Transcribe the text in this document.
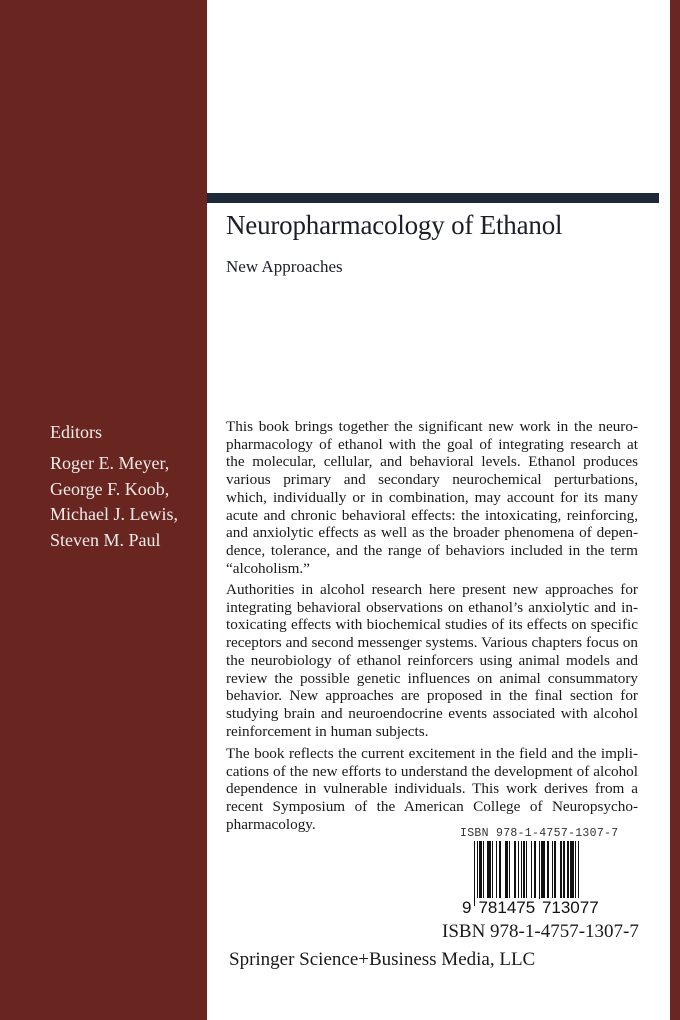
Neuropharmacology of Ethanol
New Approaches
Editors
Roger E. Meyer,
George F. Koob,
Michael J. Lewis,
Steven M. Paul
This book brings together the significant new work in the neuropharmacology of ethanol with the goal of integrating research at the molecular, cellular, and behavioral levels. Ethanol produces various primary and secondary neurochemical perturbations, which, individually or in combination, may account for its many acute and chronic behavioral effects: the intoxicating, reinforcing, and anxiolytic effects as well as the broader phenomena of dependence, tolerance, and the range of behaviors included in the term “alcoholism.”
Authorities in alcohol research here present new approaches for integrating behavioral observations on ethanol’s anxiolytic and intoxicating effects with biochemical studies of its effects on specific receptors and second messenger systems. Various chapters focus on the neurobiology of ethanol reinforcers using animal models and review the possible genetic influences on animal consummatory behavior. New approaches are proposed in the final section for studying brain and neuroendocrine events associated with alcohol reinforcement in human subjects.
The book reflects the current excitement in the field and the implications of the new efforts to understand the development of alcohol dependence in vulnerable individuals. This work derives from a recent Symposium of the American College of Neuropsychopharmacology.
ISBN 978-1-4757-1307-7
9 781475 713077
ISBN 978-1-4757-1307-7
Springer Science+Business Media, LLC
